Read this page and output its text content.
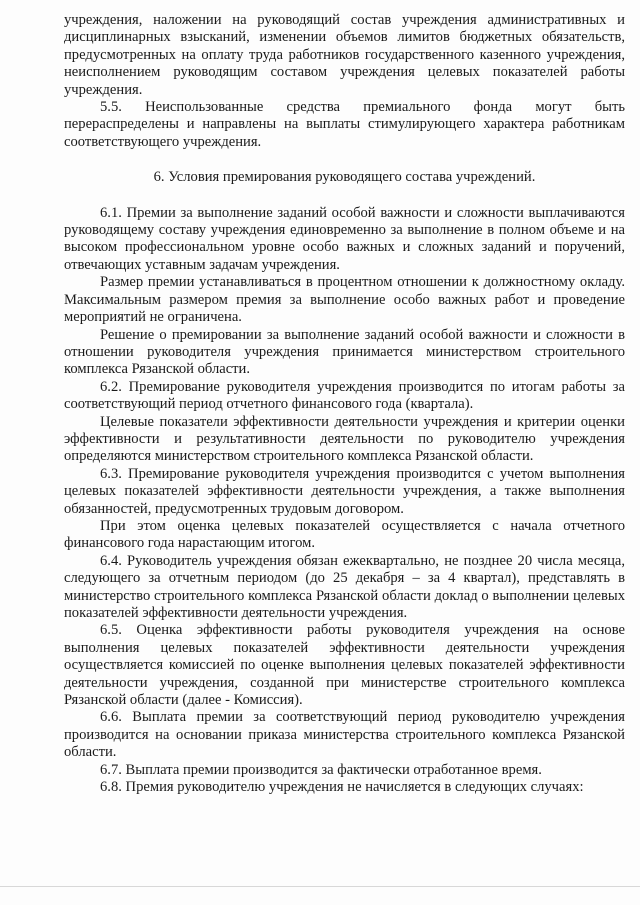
учреждения, наложении на руководящий состав учреждения административных и дисциплинарных взысканий, изменении объемов лимитов бюджетных обязательств, предусмотренных на оплату труда работников государственного казенного учреждения, неисполнением руководящим составом учреждения целевых показателей работы учреждения.

5.5. Неиспользованные средства премиального фонда могут быть перераспределены и направлены на выплаты стимулирующего характера работникам соответствующего учреждения.

6. Условия премирования руководящего состава учреждений.

6.1. Премии за выполнение заданий особой важности и сложности выплачиваются руководящему составу учреждения единовременно за выполнение в полном объеме и на высоком профессиональном уровне особо важных и сложных заданий и поручений, отвечающих уставным задачам учреждения.

Размер премии устанавливаться в процентном отношении к должностному окладу. Максимальным размером премия за выполнение особо важных работ и проведение мероприятий не ограничена.

Решение о премировании за выполнение заданий особой важности и сложности в отношении руководителя учреждения принимается министерством строительного комплекса Рязанской области.

6.2. Премирование руководителя учреждения производится по итогам работы за соответствующий период отчетного финансового года (квартала).

Целевые показатели эффективности деятельности учреждения и критерии оценки эффективности и результативности деятельности по руководителю учреждения определяются министерством строительного комплекса Рязанской области.

6.3. Премирование руководителя учреждения производится с учетом выполнения целевых показателей эффективности деятельности учреждения, а также выполнения обязанностей, предусмотренных трудовым договором.

При этом оценка целевых показателей осуществляется с начала отчетного финансового года нарастающим итогом.

6.4. Руководитель учреждения обязан ежеквартально, не позднее 20 числа месяца, следующего за отчетным периодом (до 25 декабря – за 4 квартал), представлять в министерство строительного комплекса Рязанской области доклад о выполнении целевых показателей эффективности деятельности учреждения.

6.5. Оценка эффективности работы руководителя учреждения на основе выполнения целевых показателей эффективности деятельности учреждения осуществляется комиссией по оценке выполнения целевых показателей эффективности деятельности учреждения, созданной при министерстве строительного комплекса Рязанской области (далее - Комиссия).

6.6. Выплата премии за соответствующий период руководителю учреждения производится на основании приказа министерства строительного комплекса Рязанской области.

6.7. Выплата премии производится за фактически отработанное время.

6.8. Премия руководителю учреждения не начисляется в следующих случаях:
